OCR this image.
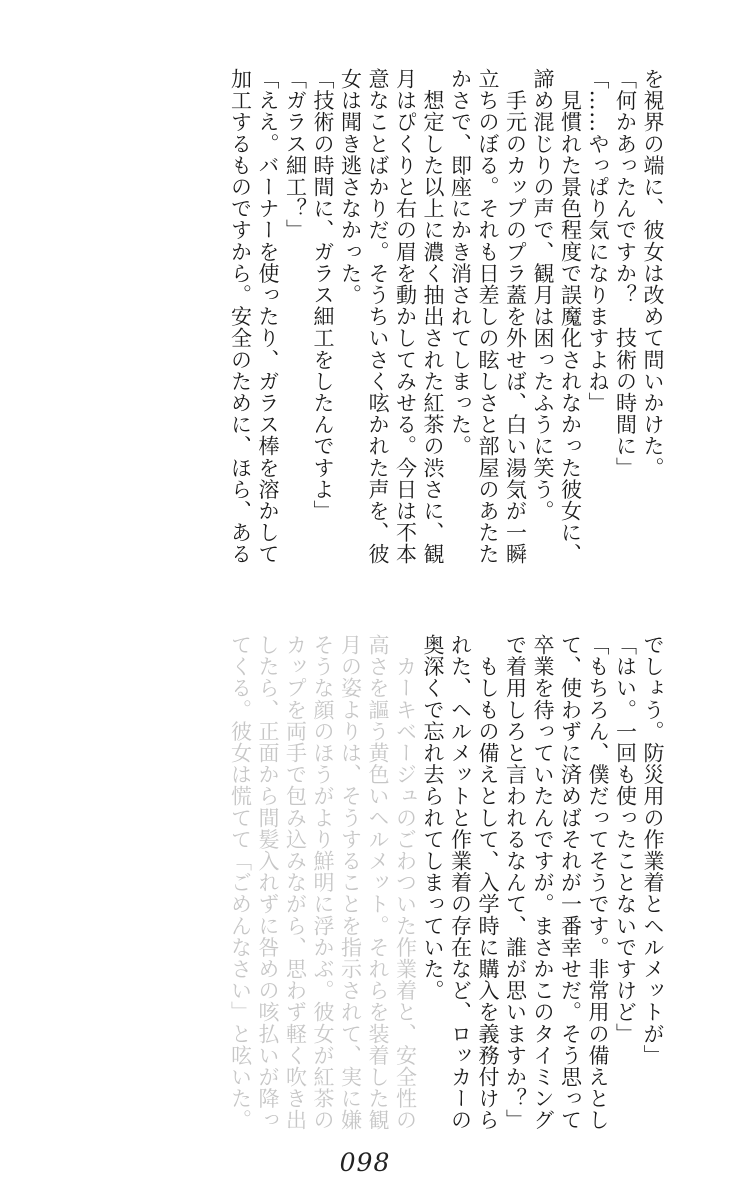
を視界の端に、彼女は改めて問いかけた。
「何かあったんですか？　技術の時間に」
「……やっぱり気になりますよね」
　見慣れた景色程度で誤魔化されなかった彼女に、
諦め混じりの声で、観月は困ったふうに笑う。
　手元のカップのプラ蓋を外せば、白い湯気が一瞬
立ちのぼる。それも日差しの眩しさと部屋のあたた
かさで、即座にかき消されてしまった。
　想定した以上に濃く抽出された紅茶の渋さに、観
月はぴくりと右の眉を動かしてみせる。今日は不本
意なことばかりだ。そうちいさく呟かれた声を、彼
女は聞き逃さなかった。
「技術の時間に、ガラス細工をしたんですよ」
「ガラス細工？」
「ええ。バーナーを使ったり、ガラス棒を溶かして
加工するものですから。安全のために、ほら、ある
でしょう。防災用の作業着とヘルメットが」
「はい。一回も使ったことないですけど」
「もちろん、僕だってそうです。非常用の備えとし
て、使わずに済めばそれが一番幸せだ。そう思って
卒業を待っていたんですが。まさかこのタイミング
で着用しろと言われるなんて、誰が思いますか？」
　もしもの備えとして、入学時に購入を義務付けら
れた、ヘルメットと作業着の存在など、ロッカーの
奥深くで忘れ去られてしまっていた。
　カーキベージュのごわついた作業着と、安全性の
高さを謳う黄色いヘルメット。それらを装着した観
月の姿よりは、そうすることを指示されて、実に嫌
そうな顔のほうがより鮮明に浮かぶ。彼女が紅茶の
カップを両手で包み込みながら、思わず軽く吹き出
したら、正面から間髪入れずに咎めの咳払いが降っ
てくる。彼女は慌てて「ごめんなさい」と呟いた。
098
